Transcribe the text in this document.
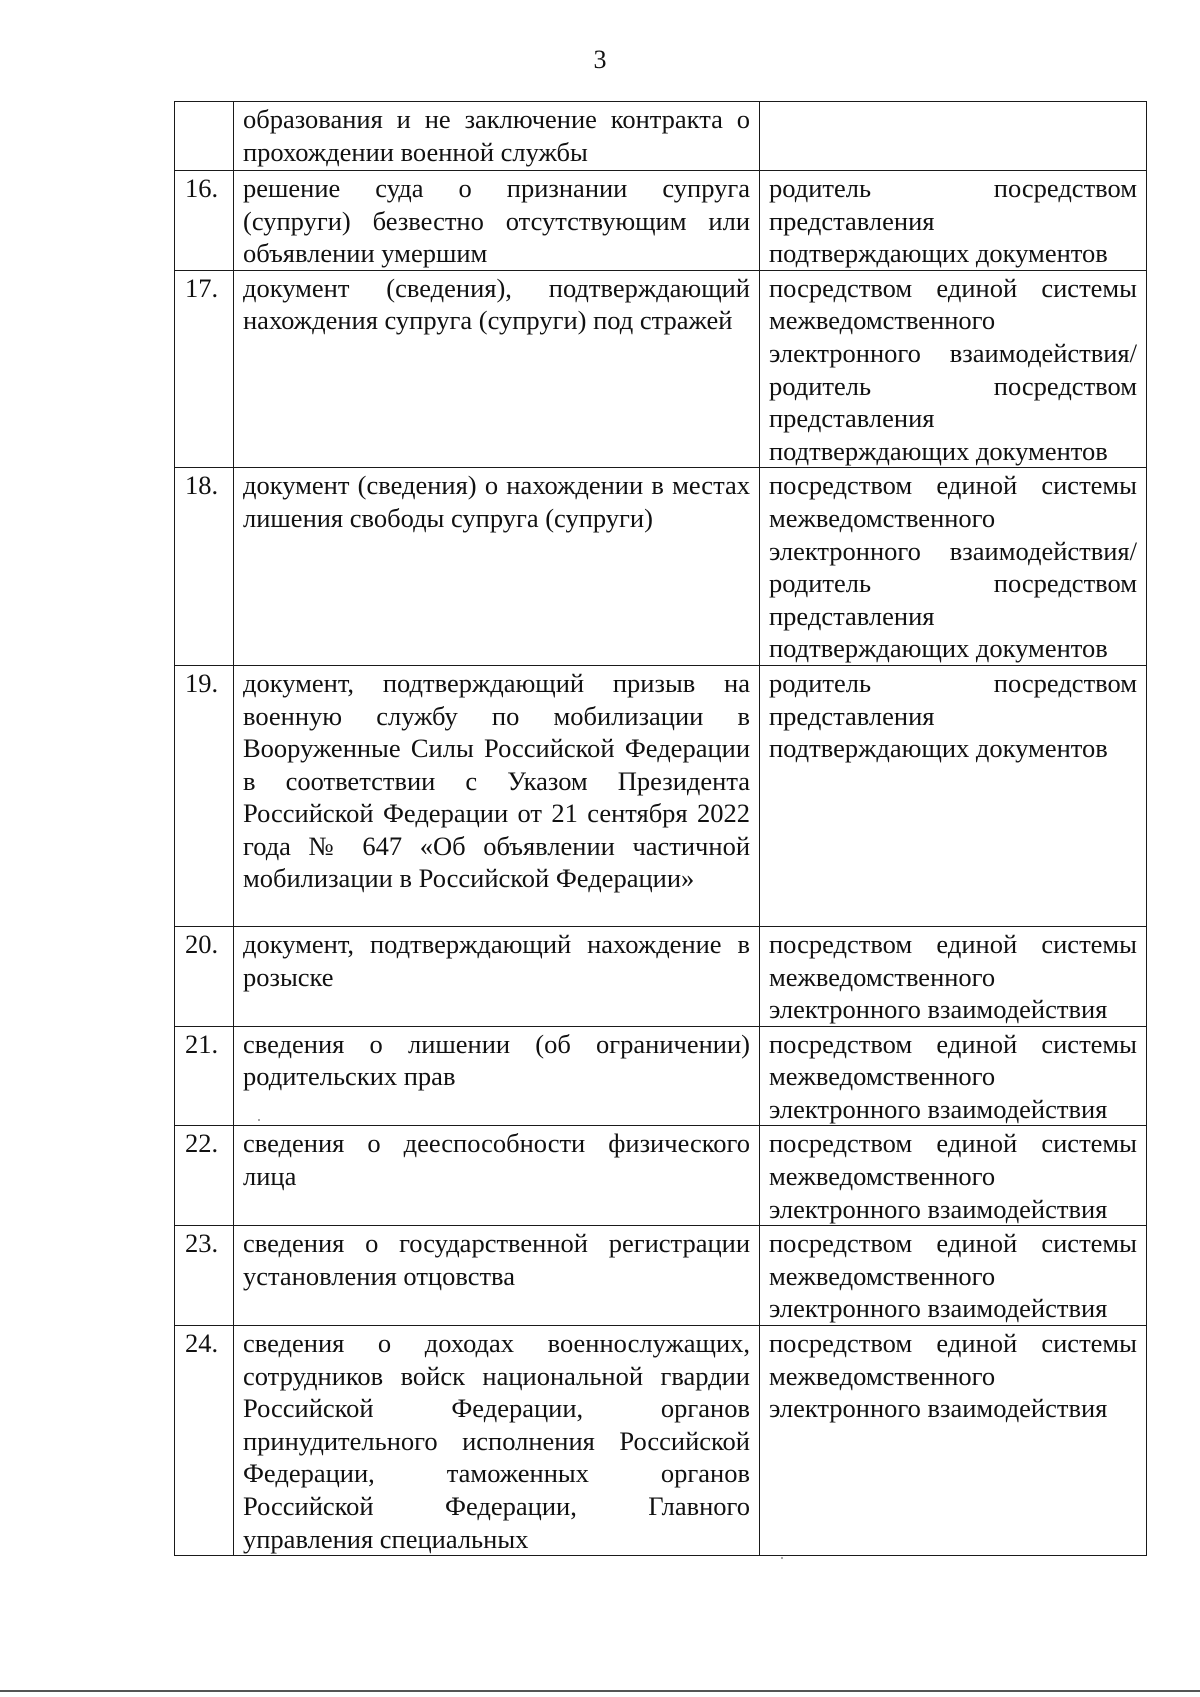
3
	образования и не заключение контракта о прохождении военной службы	
16.	решение суда о признании супруга (супруги) безвестно отсутствующим или объявлении умершим	родитель посредством представления подтверждающих документов
17.	документ (сведения), подтверждающий нахождения супруга (супруги) под стражей	посредством единой системы межведомственного электронного взаимодействия/родитель посредством представления подтверждающих документов
18.	документ (сведения) о нахождении в местах лишения свободы супруга (супруги)	посредством единой системы межведомственного электронного взаимодействия/родитель посредством представления подтверждающих документов
19.	документ, подтверждающий призыв на военную службу по мобилизации в Вооруженные Силы Российской Федерации в соответствии с Указом Президента Российской Федерации от 21 сентября 2022 года № 647 «Об объявлении частичной мобилизации в Российской Федерации»	родитель посредством представления подтверждающих документов
20.	документ, подтверждающий нахождение в розыске	посредством единой системы межведомственного электронного взаимодействия
21.	сведения о лишении (об ограничении) родительских прав	посредством единой системы межведомственного электронного взаимодействия
22.	сведения о дееспособности физического лица	посредством единой системы межведомственного электронного взаимодействия
23.	сведения о государственной регистрации установления отцовства	посредством единой системы межведомственного электронного взаимодействия
24.	сведения о доходах военнослужащих, сотрудников войск национальной гвардии Российской Федерации, органов принудительного исполнения Российской Федерации, таможенных органов Российской Федерации, Главного управления специальных	посредством единой системы межведомственного электронного взаимодействия
